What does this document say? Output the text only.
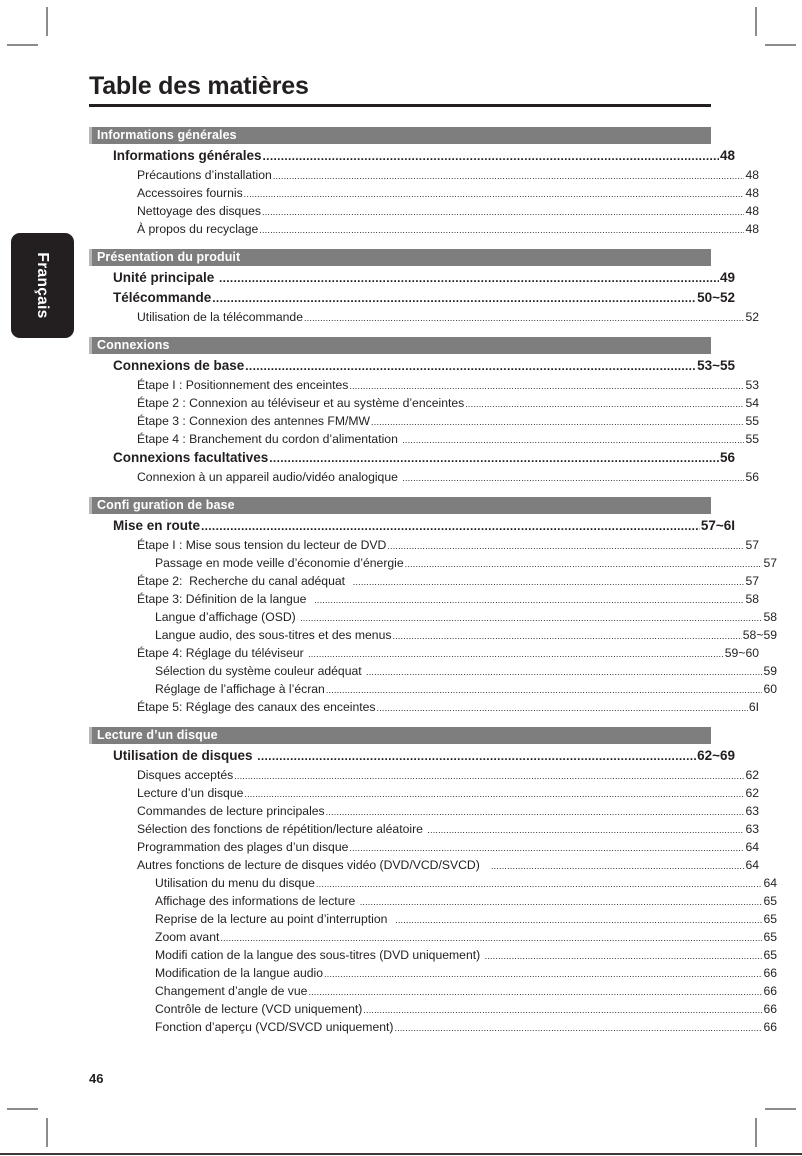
Français
Table des matières
Informations générales
Informations générales .....	48
Précautions d’installation .....	48
Accessoires fournis .....	48
Nettoyage des disques .....	48
À propos du recyclage .....	48
Présentation du produit
Unité principale .....	49
Télécommande .....	50~52
Utilisation de la télécommande .....	52
Connexions
Connexions de base .....	53~55
Étape I : Positionnement des enceintes .....	53
Étape 2 : Connexion au téléviseur et au système d’enceintes .....	54
Étape 3 : Connexion des antennes FM/MW .....	55
Étape 4 : Branchement du cordon d’alimentation .....	55
Connexions facultatives .....	56
Connexion à un appareil audio/vidéo analogique .....	56
Confi guration de base
Mise en route .....	57~6I
Étape I : Mise sous tension du lecteur de DVD .....	57
Passage en mode veille d’économie d’énergie .....	57
Étape 2:  Recherche du canal adéquat .....	57
Étape 3: Définition de la langue .....	58
Langue d’affichage (OSD) .....	58
Langue audio, des sous-titres et des menus .....	58~59
Étape 4: Réglage du téléviseur .....	59~60
Sélection du système couleur adéquat .....	59
Réglage de l’affichage à l’écran .....	60
Étape 5: Réglage des canaux des enceintes .....	6I
Lecture d’un disque
Utilisation de disques .....	62~69
Disques acceptés .....	62
Lecture d’un disque .....	62
Commandes de lecture principales .....	63
Sélection des fonctions de répétition/lecture aléatoire .....	63
Programmation des plages d’un disque .....	64
Autres fonctions de lecture de disques vidéo (DVD/VCD/SVCD) .....	64
Utilisation du menu du disque .....	64
Affichage des informations de lecture .....	65
Reprise de la lecture au point d’interruption .....	65
Zoom avant .....	65
Modifi cation de la langue des sous-titres (DVD uniquement) .....	65
Modification de la langue audio .....	66
Changement d’angle de vue .....	66
Contrôle de lecture (VCD uniquement) .....	66
Fonction d’aperçu (VCD/SVCD uniquement) .....	66
46
